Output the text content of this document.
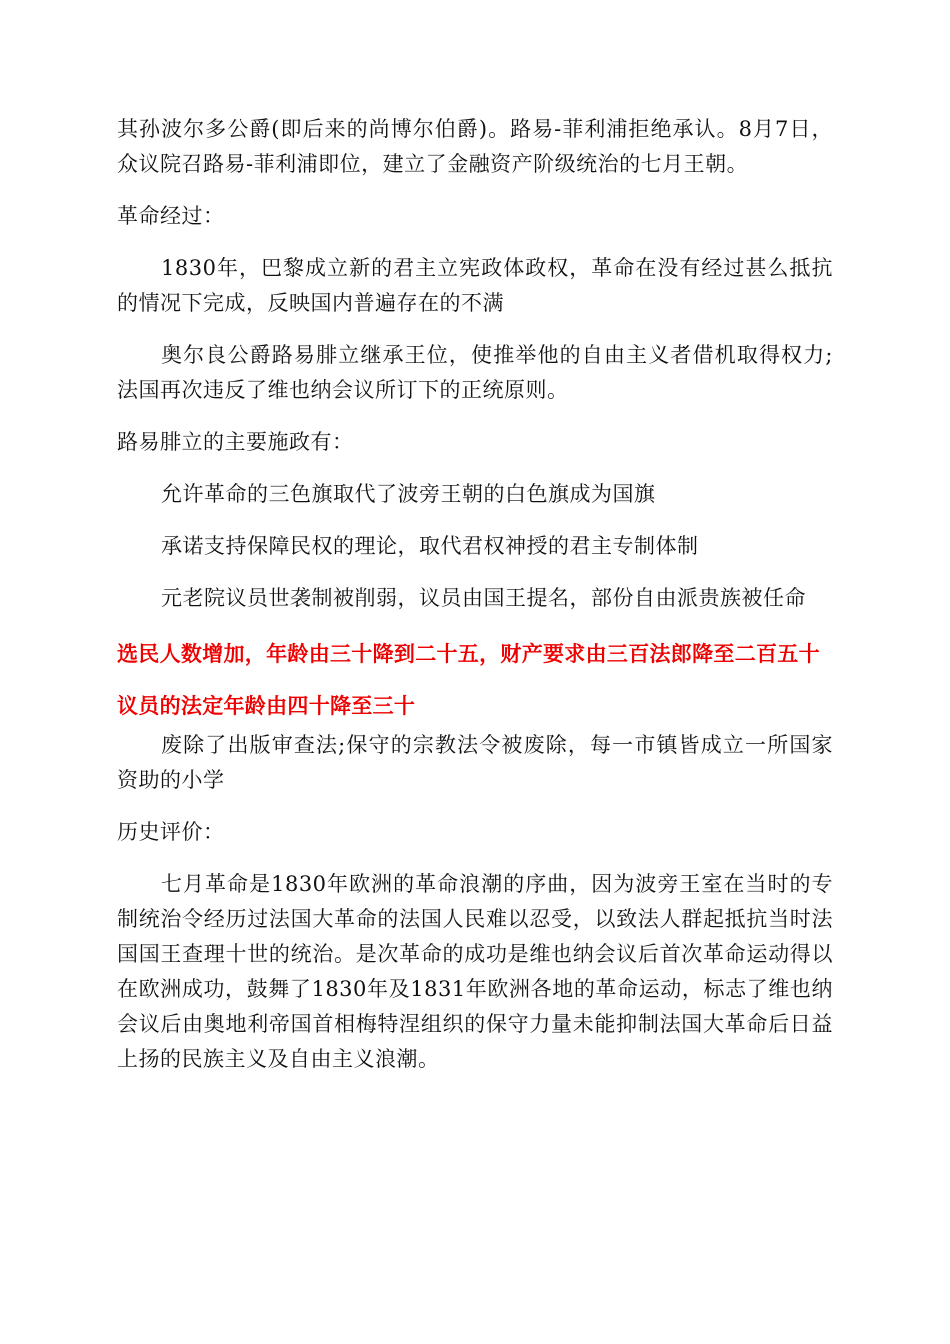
其孙波尔多公爵(即后来的尚博尔伯爵)。路易-菲利浦拒绝承认。8月7日，众议院召路易-菲利浦即位，建立了金融资产阶级统治的七月王朝。

革命经过：

1830年，巴黎成立新的君主立宪政体政权，革命在没有经过甚么抵抗的情况下完成，反映国内普遍存在的不满

奥尔良公爵路易腓立继承王位，使推举他的自由主义者借机取得权力;法国再次违反了维也纳会议所订下的正统原则。

路易腓立的主要施政有：

允许革命的三色旗取代了波旁王朝的白色旗成为国旗

承诺支持保障民权的理论，取代君权神授的君主专制体制

元老院议员世袭制被削弱，议员由国王提名，部份自由派贵族被任命

选民人数增加，年龄由三十降到二十五，财产要求由三百法郎降至二百五十

议员的法定年龄由四十降至三十

废除了出版审查法;保守的宗教法令被废除，每一市镇皆成立一所国家资助的小学

历史评价：

七月革命是1830年欧洲的革命浪潮的序曲，因为波旁王室在当时的专制统治令经历过法国大革命的法国人民难以忍受，以致法人群起抵抗当时法国国王查理十世的统治。是次革命的成功是维也纳会议后首次革命运动得以在欧洲成功，鼓舞了1830年及1831年欧洲各地的革命运动，标志了维也纳会议后由奥地利帝国首相梅特涅组织的保守力量未能抑制法国大革命后日益上扬的民族主义及自由主义浪潮。
